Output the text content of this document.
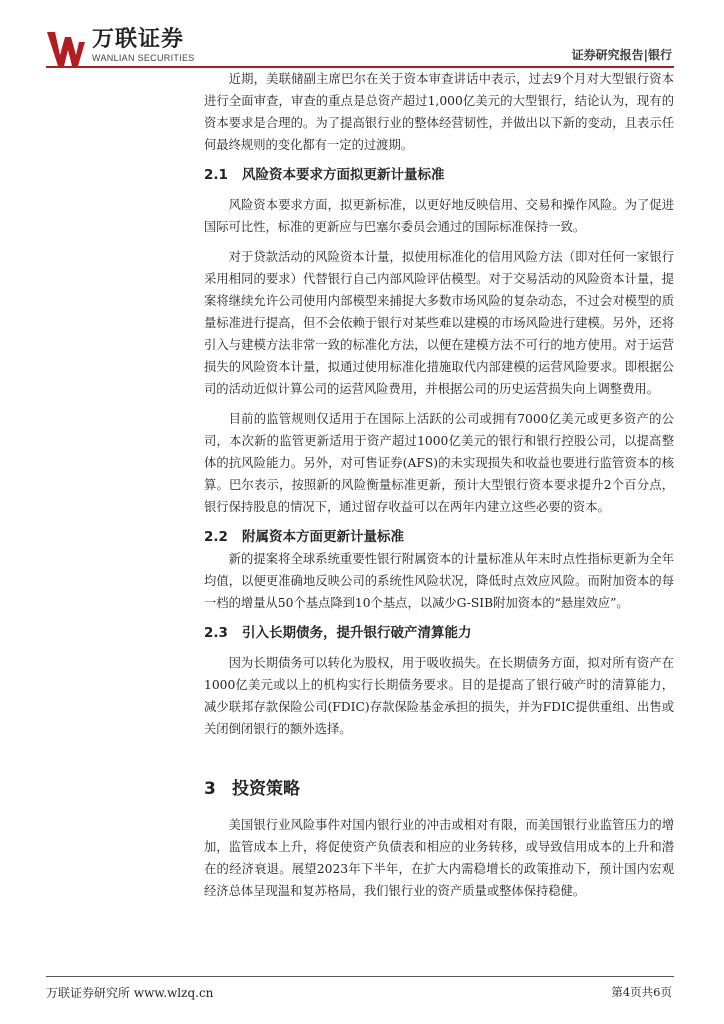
万联证券
WANLIAN SECURITIES	证券研究报告|银行

近期，美联储副主席巴尔在关于资本审查讲话中表示，过去9个月对大型银行资本进行全面审查，审查的重点是总资产超过1,000亿美元的大型银行，结论认为，现有的资本要求是合理的。为了提高银行业的整体经营韧性，并做出以下新的变动，且表示任何最终规则的变化都有一定的过渡期。

2.1	风险资本要求方面拟更新计量标准

风险资本要求方面，拟更新标准，以更好地反映信用、交易和操作风险。为了促进国际可比性，标准的更新应与巴塞尔委员会通过的国际标准保持一致。

对于贷款活动的风险资本计量，拟使用标准化的信用风险方法（即对任何一家银行采用相同的要求）代替银行自己内部风险评估模型。对于交易活动的风险资本计量，提案将继续允许公司使用内部模型来捕捉大多数市场风险的复杂动态，不过会对模型的质量标准进行提高，但不会依赖于银行对某些难以建模的市场风险进行建模。另外，还将引入与建模方法非常一致的标准化方法，以便在建模方法不可行的地方使用。对于运营损失的风险资本计量，拟通过使用标准化措施取代内部建模的运营风险要求。即根据公司的活动近似计算公司的运营风险费用，并根据公司的历史运营损失向上调整费用。

目前的监管规则仅适用于在国际上活跃的公司或拥有7000亿美元或更多资产的公司，本次新的监管更新适用于资产超过1000亿美元的银行和银行控股公司，以提高整体的抗风险能力。另外，对可售证券(AFS)的未实现损失和收益也要进行监管资本的核算。巴尔表示，按照新的风险衡量标准更新，预计大型银行资本要求提升2个百分点，银行保持股息的情况下，通过留存收益可以在两年内建立这些必要的资本。

2.2	附属资本方面更新计量标准

新的提案将全球系统重要性银行附属资本的计量标准从年末时点性指标更新为全年均值，以便更准确地反映公司的系统性风险状况，降低时点效应风险。而附加资本的每一档的增量从50个基点降到10个基点，以减少G-SIB附加资本的“悬崖效应”。

2.3	引入长期债务，提升银行破产清算能力

因为长期债务可以转化为股权，用于吸收损失。在长期债务方面，拟对所有资产在1000亿美元或以上的机构实行长期债务要求。目的是提高了银行破产时的清算能力，减少联邦存款保险公司(FDIC)存款保险基金承担的损失，并为FDIC提供重组、出售或关闭倒闭银行的额外选择。

3 投资策略

美国银行业风险事件对国内银行业的冲击或相对有限，而美国银行业监管压力的增加，监管成本上升，将促使资产负债表和相应的业务转移，或导致信用成本的上升和潜在的经济衰退。展望2023年下半年，在扩大内需稳增长的政策推动下，预计国内宏观经济总体呈现温和复苏格局，我们银行业的资产质量或整体保持稳健。

万联证券研究所 www.wlzq.cn	第4页共6页
